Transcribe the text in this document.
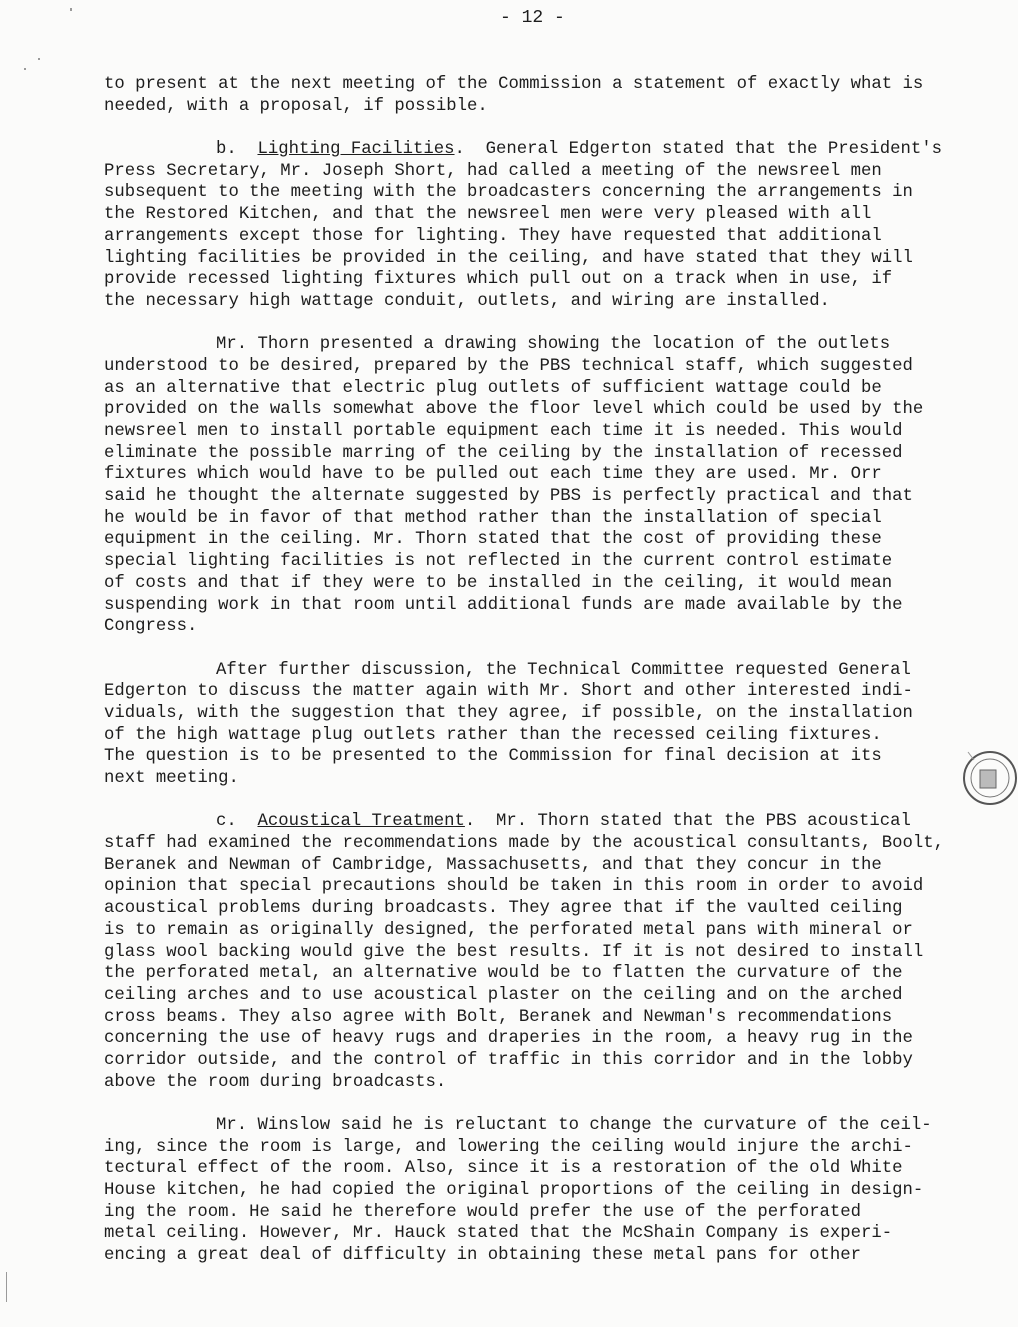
- 12 -
to present at the next meeting of the Commission a statement of exactly what is
needed, with a proposal, if possible.
b.  Lighting Facilities.  General Edgerton stated that the President's
Press Secretary, Mr. Joseph Short, had called a meeting of the newsreel men
subsequent to the meeting with the broadcasters concerning the arrangements in
the Restored Kitchen, and that the newsreel men were very pleased with all
arrangements except those for lighting. They have requested that additional
lighting facilities be provided in the ceiling, and have stated that they will
provide recessed lighting fixtures which pull out on a track when in use, if
the necessary high wattage conduit, outlets, and wiring are installed.
Mr. Thorn presented a drawing showing the location of the outlets
understood to be desired, prepared by the PBS technical staff, which suggested
as an alternative that electric plug outlets of sufficient wattage could be
provided on the walls somewhat above the floor level which could be used by the
newsreel men to install portable equipment each time it is needed. This would
eliminate the possible marring of the ceiling by the installation of recessed
fixtures which would have to be pulled out each time they are used. Mr. Orr
said he thought the alternate suggested by PBS is perfectly practical and that
he would be in favor of that method rather than the installation of special
equipment in the ceiling. Mr. Thorn stated that the cost of providing these
special lighting facilities is not reflected in the current control estimate
of costs and that if they were to be installed in the ceiling, it would mean
suspending work in that room until additional funds are made available by the
Congress.
After further discussion, the Technical Committee requested General
Edgerton to discuss the matter again with Mr. Short and other interested indi-
viduals, with the suggestion that they agree, if possible, on the installation
of the high wattage plug outlets rather than the recessed ceiling fixtures.
The question is to be presented to the Commission for final decision at its
next meeting.
c.  Acoustical Treatment.  Mr. Thorn stated that the PBS acoustical
staff had examined the recommendations made by the acoustical consultants, Boolt,
Beranek and Newman of Cambridge, Massachusetts, and that they concur in the
opinion that special precautions should be taken in this room in order to avoid
acoustical problems during broadcasts. They agree that if the vaulted ceiling
is to remain as originally designed, the perforated metal pans with mineral or
glass wool backing would give the best results. If it is not desired to install
the perforated metal, an alternative would be to flatten the curvature of the
ceiling arches and to use acoustical plaster on the ceiling and on the arched
cross beams. They also agree with Bolt, Beranek and Newman's recommendations
concerning the use of heavy rugs and draperies in the room, a heavy rug in the
corridor outside, and the control of traffic in this corridor and in the lobby
above the room during broadcasts.
Mr. Winslow said he is reluctant to change the curvature of the ceil-
ing, since the room is large, and lowering the ceiling would injure the archi-
tectural effect of the room. Also, since it is a restoration of the old White
House kitchen, he had copied the original proportions of the ceiling in design-
ing the room. He said he therefore would prefer the use of the perforated
metal ceiling. However, Mr. Hauck stated that the McShain Company is experi-
encing a great deal of difficulty in obtaining these metal pans for other
